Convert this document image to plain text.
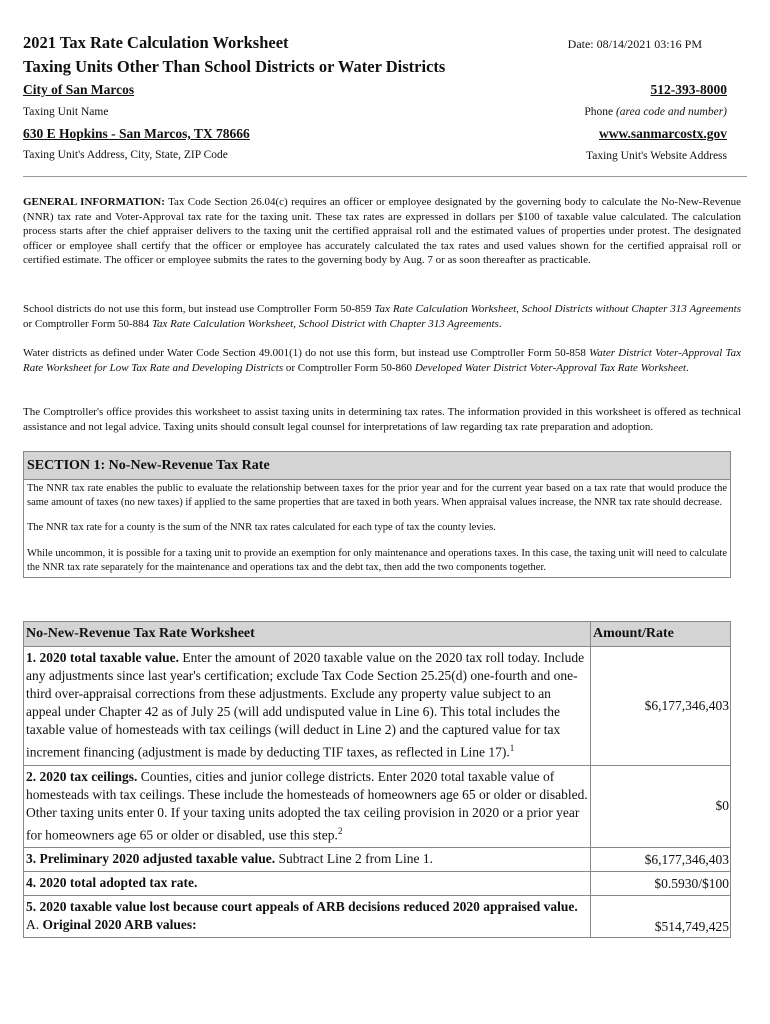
2021 Tax Rate Calculation Worksheet
Taxing Units Other Than School Districts or Water Districts
Date: 08/14/2021 03:16 PM
City of San Marcos
Taxing Unit Name
512-393-8000
Phone (area code and number)
630 E Hopkins - San Marcos, TX 78666
Taxing Unit's Address, City, State, ZIP Code
www.sanmarcostx.gov
Taxing Unit's Website Address
GENERAL INFORMATION: Tax Code Section 26.04(c) requires an officer or employee designated by the governing body to calculate the No-New-Revenue (NNR) tax rate and Voter-Approval tax rate for the taxing unit. These tax rates are expressed in dollars per $100 of taxable value calculated. The calculation process starts after the chief appraiser delivers to the taxing unit the certified appraisal roll and the estimated values of properties under protest. The designated officer or employee shall certify that the officer or employee has accurately calculated the tax rates and used values shown for the certified appraisal roll or certified estimate. The officer or employee submits the rates to the governing body by Aug. 7 or as soon thereafter as practicable.
School districts do not use this form, but instead use Comptroller Form 50-859 Tax Rate Calculation Worksheet, School Districts without Chapter 313 Agreements or Comptroller Form 50-884 Tax Rate Calculation Worksheet, School District with Chapter 313 Agreements.
Water districts as defined under Water Code Section 49.001(1) do not use this form, but instead use Comptroller Form 50-858 Water District Voter-Approval Tax Rate Worksheet for Low Tax Rate and Developing Districts or Comptroller Form 50-860 Developed Water District Voter-Approval Tax Rate Worksheet.
The Comptroller's office provides this worksheet to assist taxing units in determining tax rates. The information provided in this worksheet is offered as technical assistance and not legal advice. Taxing units should consult legal counsel for interpretations of law regarding tax rate preparation and adoption.
SECTION 1: No-New-Revenue Tax Rate

The NNR tax rate enables the public to evaluate the relationship between taxes for the prior year and for the current year based on a tax rate that would produce the same amount of taxes (no new taxes) if applied to the same properties that are taxed in both years. When appraisal values increase, the NNR tax rate should decrease.

The NNR tax rate for a county is the sum of the NNR tax rates calculated for each type of tax the county levies.

While uncommon, it is possible for a taxing unit to provide an exemption for only maintenance and operations taxes. In this case, the taxing unit will need to calculate the NNR tax rate separately for the maintenance and operations tax and the debt tax, then add the two components together.

No-New-Revenue Tax Rate Worksheet	Amount/Rate
1. 2020 total taxable value. Enter the amount of 2020 taxable value on the 2020 tax roll today. Include any adjustments since last year's certification; exclude Tax Code Section 25.25(d) one-fourth and one-third over-appraisal corrections from these adjustments. Exclude any property value subject to an appeal under Chapter 42 as of July 25 (will add undisputed value in Line 6). This total includes the taxable value of homesteads with tax ceilings (will deduct in Line 2) and the captured value for tax increment financing (adjustment is made by deducting TIF taxes, as reflected in Line 17).$^1$	$6,177,346,403
2. 2020 tax ceilings. Counties, cities and junior college districts. Enter 2020 total taxable value of homesteads with tax ceilings. These include the homesteads of homeowners age 65 or older or disabled. Other taxing units enter 0. If your taxing units adopted the tax ceiling provision in 2020 or a prior year for homeowners age 65 or older or disabled, use this step.$^2$	$0
3. Preliminary 2020 adjusted taxable value. Subtract Line 2 from Line 1.	$6,177,346,403
4. 2020 total adopted tax rate.	$0.5930/$100
5. 2020 taxable value lost because court appeals of ARB decisions reduced 2020 appraised value.
A. Original 2020 ARB values:	$514,749,425
